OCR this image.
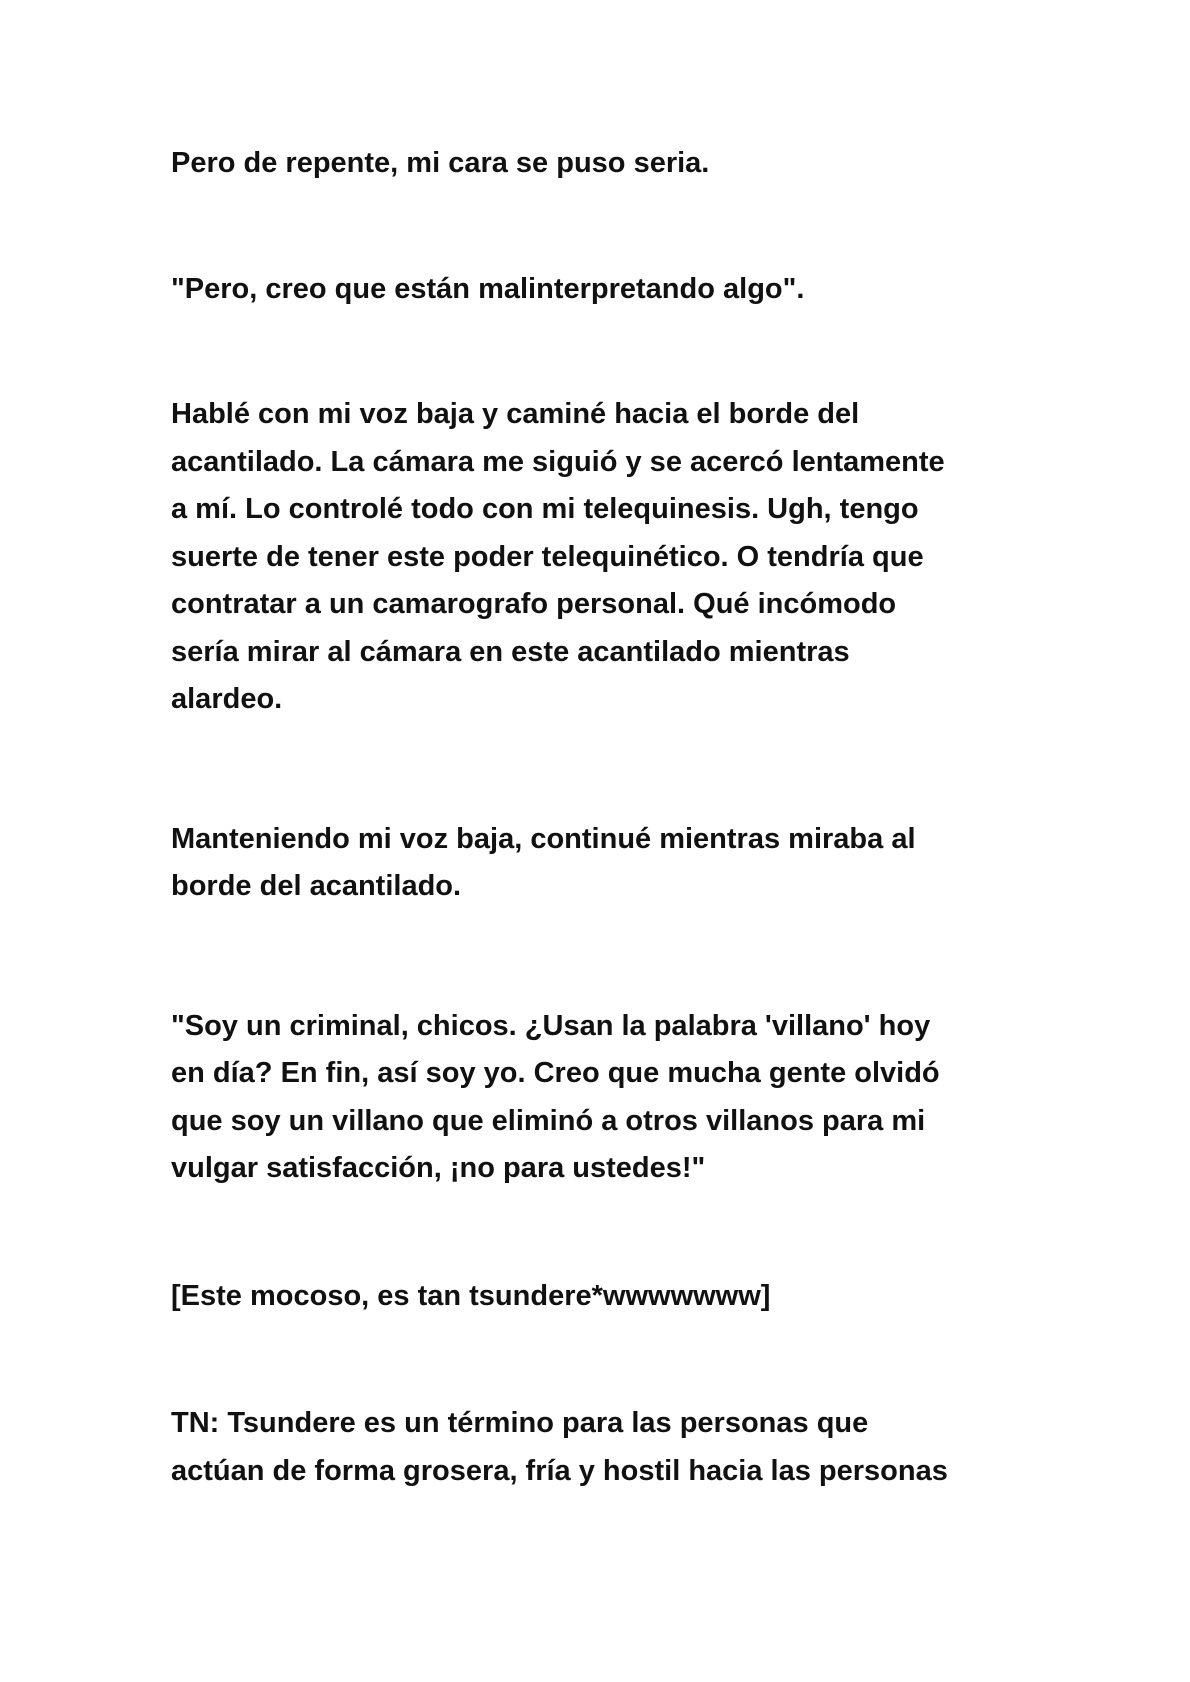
Pero de repente, mi cara se puso seria.

"Pero, creo que están malinterpretando algo".

Hablé con mi voz baja y caminé hacia el borde del
acantilado. La cámara me siguió y se acercó lentamente
a mí. Lo controlé todo con mi telequinesis. Ugh, tengo
suerte de tener este poder telequinético. O tendría que
contratar a un camarografo personal. Qué incómodo
sería mirar al cámara en este acantilado mientras
alardeo.

Manteniendo mi voz baja, continué mientras miraba al
borde del acantilado.

"Soy un criminal, chicos. ¿Usan la palabra 'villano' hoy
en día? En fin, así soy yo. Creo que mucha gente olvidó
que soy un villano que eliminó a otros villanos para mi
vulgar satisfacción, ¡no para ustedes!"

[Este mocoso, es tan tsundere*wwwwwww]

TN: Tsundere es un término para las personas que
actúan de forma grosera, fría y hostil hacia las personas
